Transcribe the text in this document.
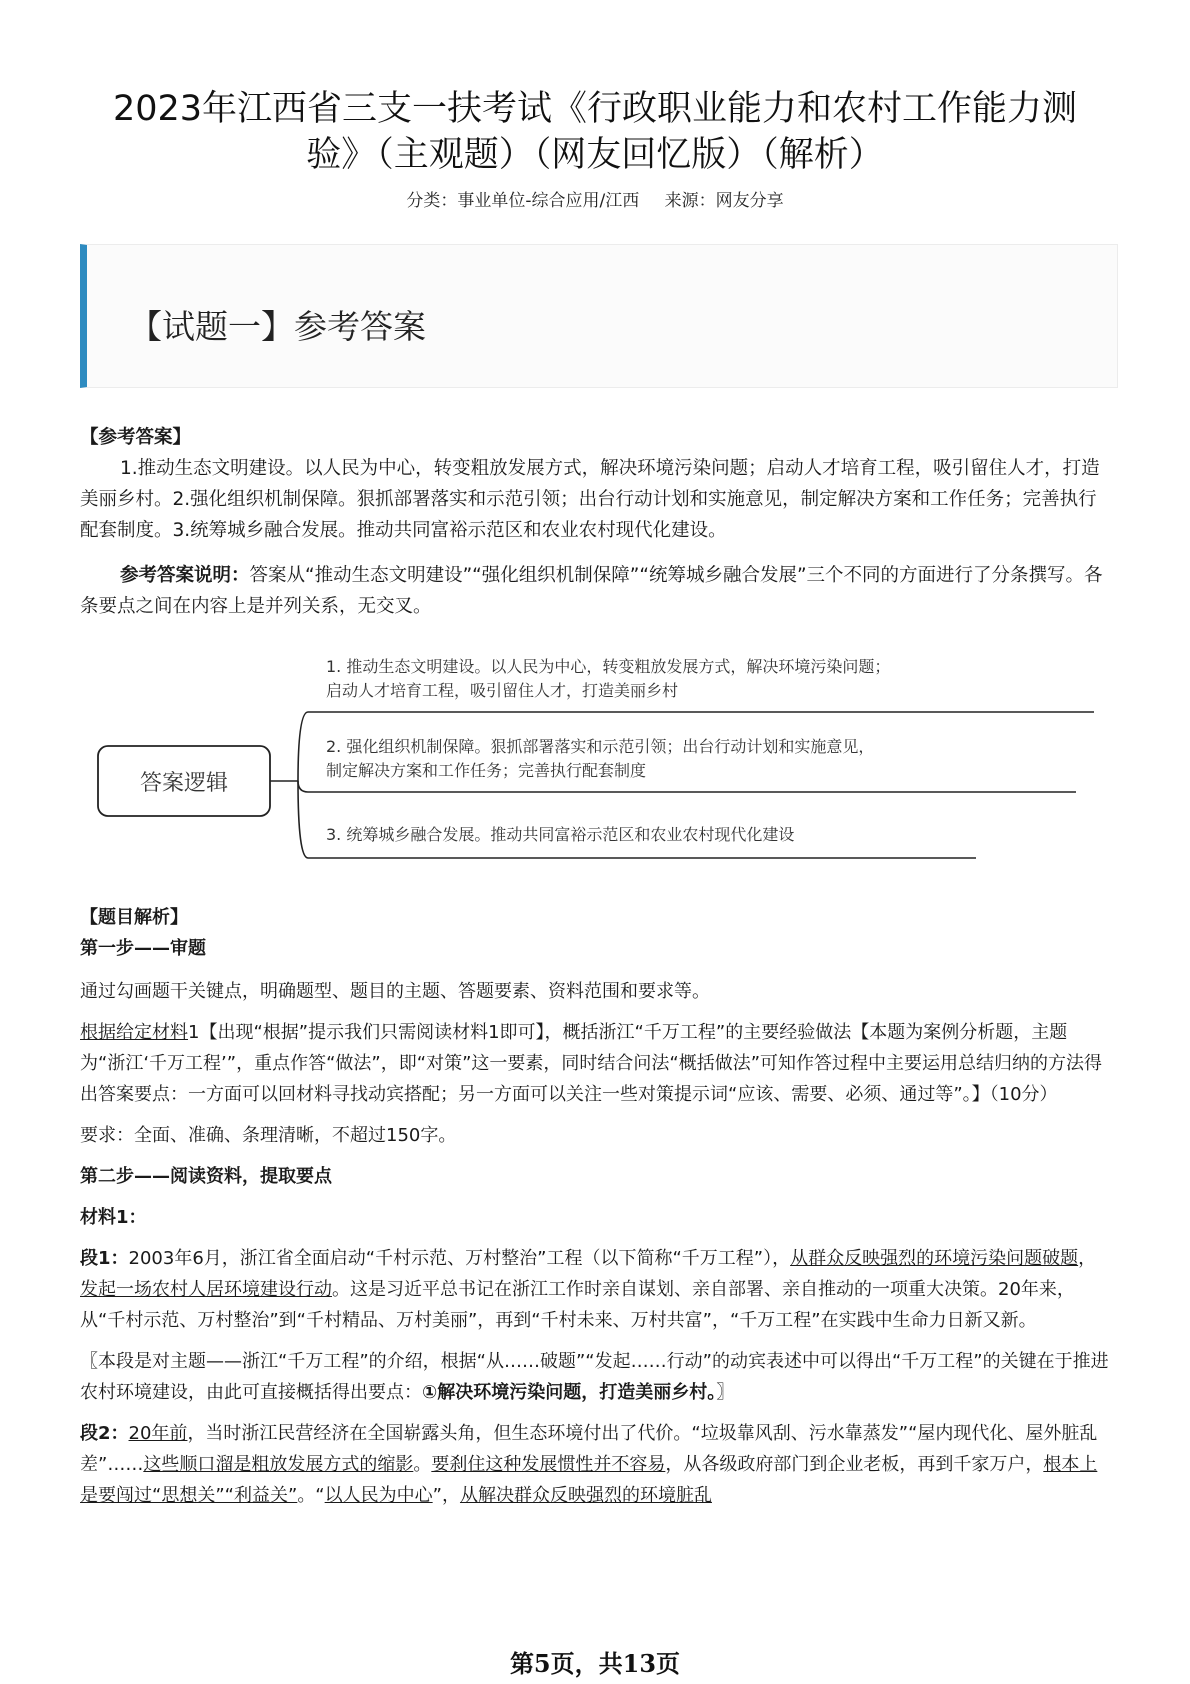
2023年江西省三支一扶考试《行政职业能力和农村工作能力测
验》（主观题）（网友回忆版）（解析）
分类：事业单位-综合应用/江西 来源：网友分享
【试题一】参考答案

【参考答案】

1.推动生态文明建设。以人民为中心，转变粗放发展方式，解决环境污染问题；启动人才培育工程，吸引留住人才，打造美丽乡村。2.强化组织机制保障。狠抓部署落实和示范引领；出台行动计划和实施意见，制定解决方案和工作任务；完善执行配套制度。3.统筹城乡融合发展。推动共同富裕示范区和农业农村现代化建设。

参考答案说明：答案从“推动生态文明建设”“强化组织机制保障”“统筹城乡融合发展”三个不同的方面进行了分条撰写。各条要点之间在内容上是并列关系，无交叉。

答案逻辑
1. 推动生态文明建设。以人民为中心，转变粗放发展方式，解决环境污染问题；
启动人才培育工程，吸引留住人才，打造美丽乡村
2. 强化组织机制保障。狠抓部署落实和示范引领；出台行动计划和实施意见，
制定解决方案和工作任务；完善执行配套制度
3. 统筹城乡融合发展。推动共同富裕示范区和农业农村现代化建设

【题目解析】

第一步——审题

通过勾画题干关键点，明确题型、题目的主题、答题要素、资料范围和要求等。

根据给定材料1【出现“根据”提示我们只需阅读材料1即可】，概括浙江“千万工程”的主要经验做法【本题为案例分析题，主题为“浙江‘千万工程’”，重点作答“做法”，即“对策”这一要素，同时结合问法“概括做法”可知作答过程中主要运用总结归纳的方法得出答案要点：一方面可以回材料寻找动宾搭配；另一方面可以关注一些对策提示词“应该、需要、必须、通过等”。】（10分）

要求：全面、准确、条理清晰，不超过150字。

第二步——阅读资料，提取要点

材料1：

段1：2003年6月，浙江省全面启动“千村示范、万村整治”工程（以下简称“千万工程”），从群众反映强烈的环境污染问题破题，发起一场农村人居环境建设行动。这是习近平总书记在浙江工作时亲自谋划、亲自部署、亲自推动的一项重大决策。20年来，从“千村示范、万村整治”到“千村精品、万村美丽”，再到“千村未来、万村共富”，“千万工程”在实践中生命力日新又新。

〖本段是对主题——浙江“千万工程”的介绍，根据“从……破题”“发起……行动”的动宾表述中可以得出“千万工程”的关键在于推进农村环境建设，由此可直接概括得出要点：①解决环境污染问题，打造美丽乡村。〗

段2：20年前，当时浙江民营经济在全国崭露头角，但生态环境付出了代价。“垃圾靠风刮、污水靠蒸发”“屋内现代化、屋外脏乱差”……这些顺口溜是粗放发展方式的缩影。要刹住这种发展惯性并不容易，从各级政府部门到企业老板，再到千家万户，根本上是要闯过“思想关”“利益关”。“以人民为中心”，从解决群众反映强烈的环境脏乱

第5页，共13页
